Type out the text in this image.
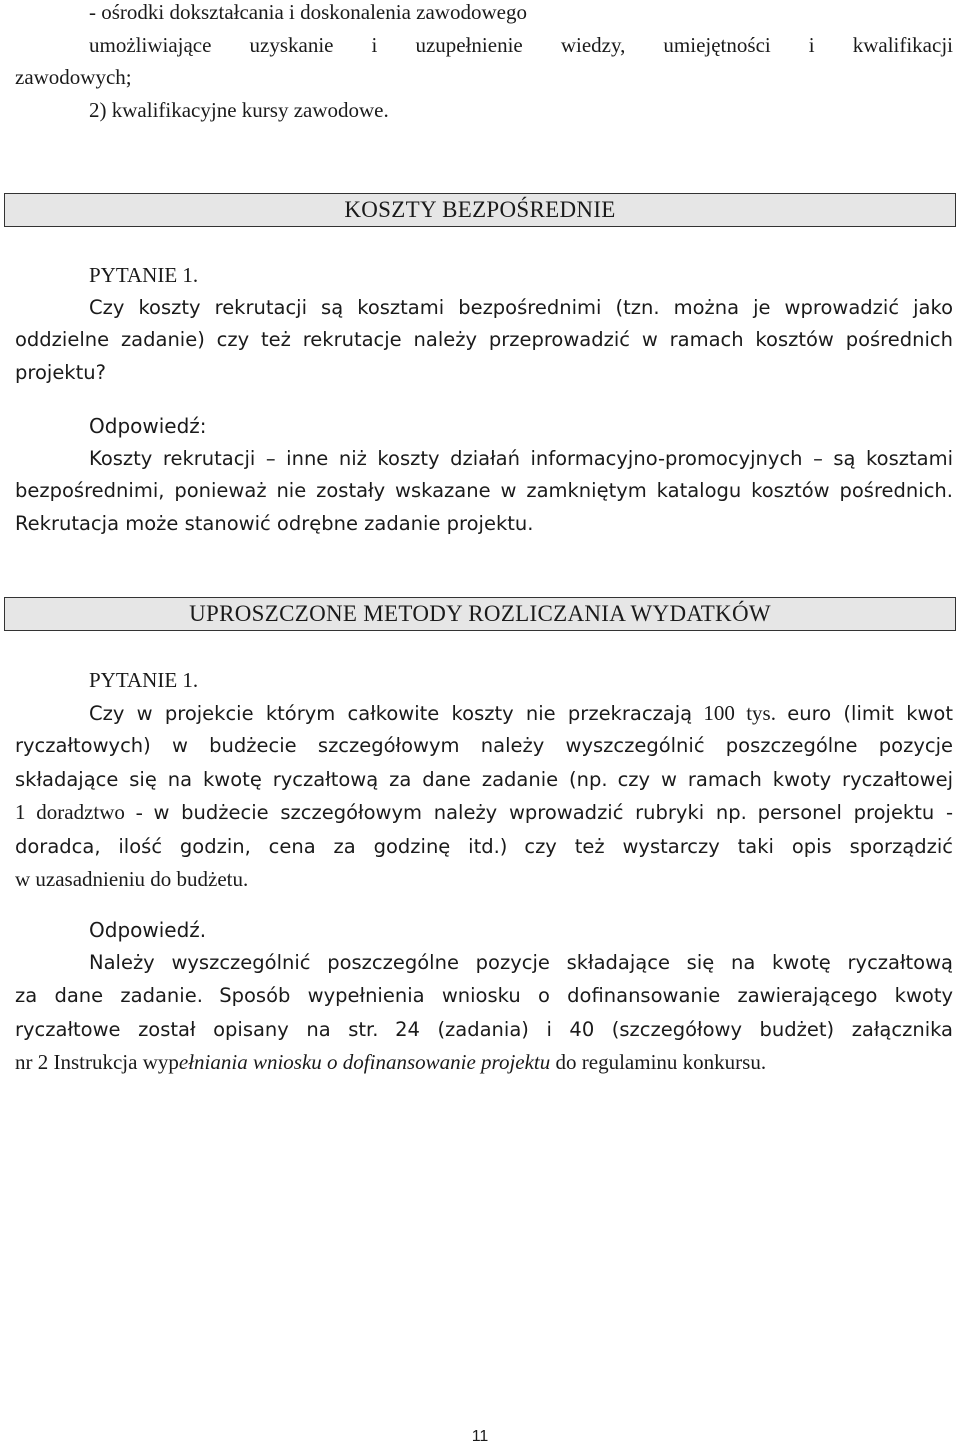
- ośrodki dokształcania i doskonalenia zawodowego
umożliwiające uzyskanie i uzupełnienie wiedzy, umiejętności i kwalifikacji
zawodowych;
2) kwalifikacyjne kursy zawodowe.
KOSZTY BEZPOŚREDNIE
PYTANIE 1.
Czy koszty rekrutacji są kosztami bezpośrednimi (tzn. można je wprowadzić jako
oddzielne zadanie) czy też rekrutacje należy przeprowadzić w ramach kosztów pośrednich
projektu?
Odpowiedź:
Koszty rekrutacji – inne niż koszty działań informacyjno-promocyjnych – są kosztami
bezpośrednimi, ponieważ nie zostały wskazane w zamkniętym katalogu kosztów pośrednich.
Rekrutacja może stanowić odrębne zadanie projektu.
UPROSZCZONE METODY ROZLICZANIA WYDATKÓW
PYTANIE 1.
Czy w projekcie którym całkowite koszty nie przekraczają 100 tys. euro (limit kwot
ryczałtowych) w budżecie szczegółowym należy wyszczególnić poszczególne pozycje
składające się na kwotę ryczałtową za dane zadanie (np. czy w ramach kwoty ryczałtowej
1 doradztwo - w budżecie szczegółowym należy wprowadzić rubryki np. personel projektu -
doradca, ilość godzin, cena za godzinę itd.) czy też wystarczy taki opis sporządzić
w uzasadnieniu do budżetu.
Odpowiedź.
Należy wyszczególnić poszczególne pozycje składające się na kwotę ryczałtową
za dane zadanie. Sposób wypełnienia wniosku o dofinansowanie zawierającego kwoty
ryczałtowe został opisany na str. 24 (zadania) i 40 (szczegółowy budżet) załącznika
nr 2 Instrukcja wypełniania wniosku o dofinansowanie projektu do regulaminu konkursu.
11
